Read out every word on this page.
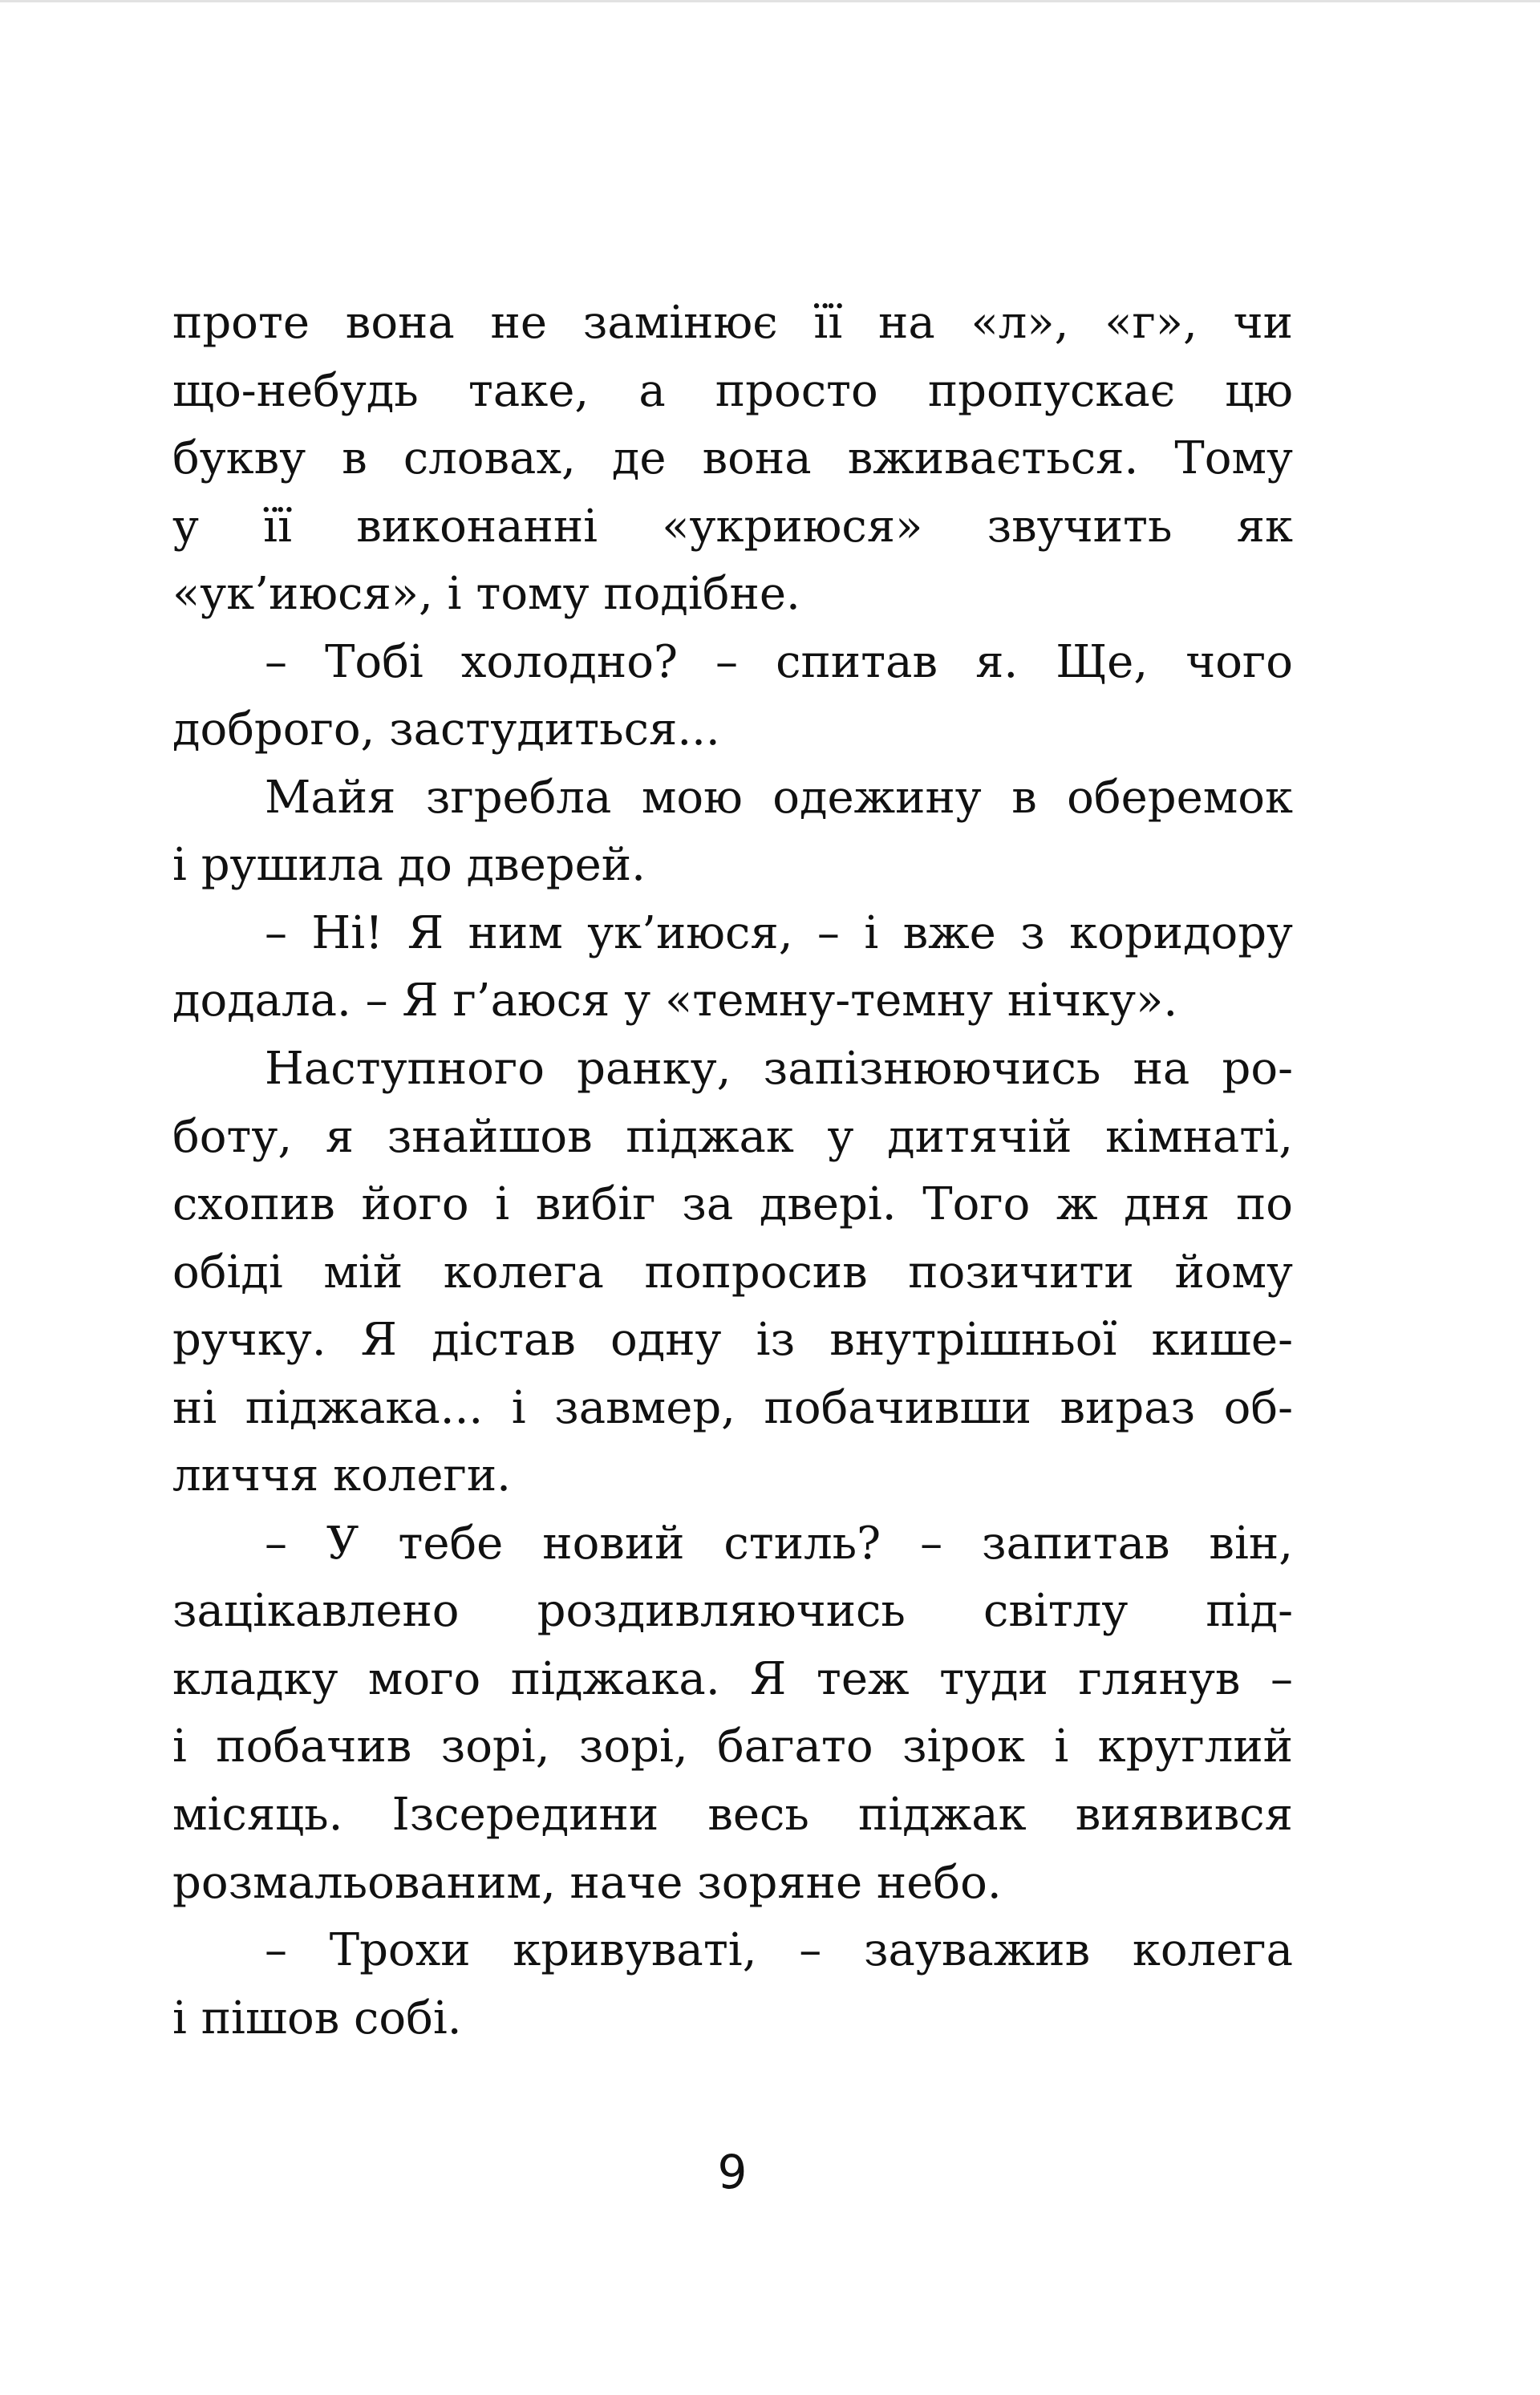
проте вона не замінює її на «л», «г», чи
що-небудь таке, а просто пропускає цю
букву в словах, де вона вживається. Тому
у її виконанні «укриюся» звучить як
«ук’июся», і тому подібне.
– Тобі холодно? – спитав я. Ще, чого
доброго, застудиться...
Майя згребла мою одежину в оберемок
і рушила до дверей.
– Ні! Я ним ук’июся, – і вже з коридору
додала. – Я г’аюся у «темну-темну нічку».
Наступного ранку, запізнюючись на ро-
боту, я знайшов піджак у дитячій кімнаті,
схопив його і вибіг за двері. Того ж дня по
обіді мій колега попросив позичити йому
ручку. Я дістав одну із внутрішньої кише-
ні піджака... і завмер, побачивши вираз об-
личчя колеги.
– У тебе новий стиль? – запитав він,
зацікавлено роздивляючись світлу під-
кладку мого піджака. Я теж туди глянув –
і побачив зорі, зорі, багато зірок і круглий
місяць. Ізсередини весь піджак виявився
розмальованим, наче зоряне небо.
– Трохи кривуваті, – зауважив колега
і пішов собі.
9
